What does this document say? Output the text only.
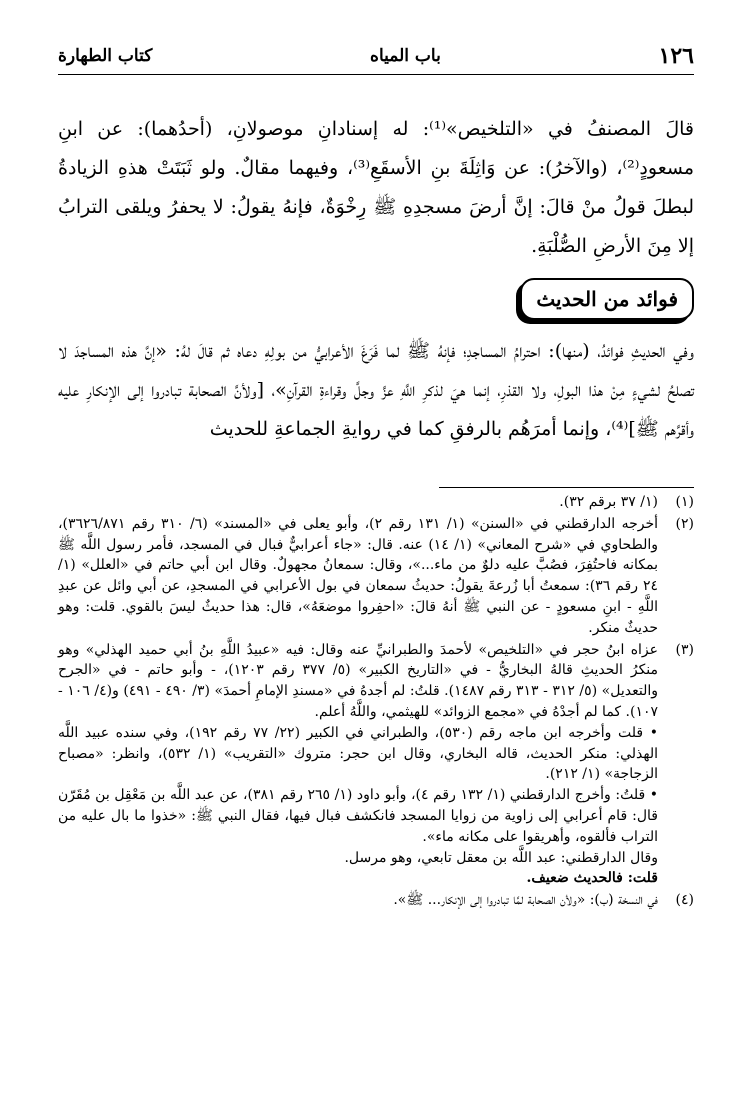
١٢٦
باب المياه
كتاب الطهارة

قالَ المصنفُ في «التلخيص»⁽¹⁾: له إسنادانِ موصولانِ، (أحدُهما): عن ابنِ مسعودٍ⁽²⁾، (والآخرُ): عن وَاثِلَةَ بنِ الأسقَعِ⁽³⁾، وفيهما مقالٌ. ولو ثَبَتَتْ هذهِ الزيادةُ لبطلَ قولُ منْ قالَ: إنَّ أرضَ مسجدِهِ ﷺ رِخْوَةٌ، فإنهُ يقولُ: لا يحفرُ ويلقى الترابُ إلا مِنَ الأرضِ الصُّلْبَةِ.

فوائد من الحديث

وفي الحديثِ فوائدُ، (منها): احترامُ المساجدِ؛ فإنهُ ﷺ لما فَرَغَ الأعرابيُّ من بولِهِ دعاه ثم قالَ لهُ: «إنَّ هذه المساجدَ لا تصلحُ لشيءٍ مِنْ هذا البولِ، ولا القذرِ، إنما هيَ لذكرِ اللَّهِ عزَّ وجلَّ وقراءةِ القرآنِ»، [ولأنَّ الصحابة تبادروا إلى الإنكارِ عليه وأقرَّهم ﷺ]⁽⁴⁾، وإنما أمرَهُم بالرفقِ كما في روايةِ الجماعةِ للحديث

(١)

(١/ ٣٧ برقم ٣٢).

(٢)

أخرجه الدارقطني في «السنن» (١/ ١٣١ رقم ٢)، وأبو يعلى في «المسند» (٦/ ٣١٠ رقم ٣٦٢٦/٨٧١)، والطحاوي في «شرح المعاني» (١/ ١٤) عنه. قال: «جاء أعرابيٌّ فبال في المسجد، فأمر رسول اللَّه ﷺ بمكانه فاحتُفِرَ، فصُبَّ عليه دلوٌ من ماء...»، وقال: سمعانُ مجهولٌ. وقال ابن أبي حاتم في «العلل» (١/ ٢٤ رقم ٣٦): سمعتُ أبا زُرعةَ يقولُ: حديثُ سمعان في بول الأعرابي في المسجدِ، عن أبي وائل عن عبدِ اللَّهِ - ابنِ مسعودٍ - عن النبي ﷺ أنهُ قالَ: «احفِروا موضعَهُ»، قال: هذا حديثٌ ليسَ بالقوي. قلت: وهو حديثٌ منكر.

(٣)

عزاه ابنُ حجر في «التلخيص» لأحمدَ والطبرانيِّ عنه وقال: فيه «عبيدُ اللَّهِ بنُ أبي حميد الهذلي» وهو منكرُ الحديثِ قالهُ البخاريُّ - في «التاريخ الكبير» (٥/ ٣٧٧ رقم ١٢٠٣)، - وأبو حاتم - في «الجرح والتعديل» (٥/ ٣١٢ - ٣١٣ رقم ١٤٨٧). قلتُ: لم أجدهُ في «مسندِ الإمامِ أحمدَ» (٣/ ٤٩٠ - ٤٩١) و(٤/ ١٠٦ - ١٠٧). كما لم أجدْهُ في «مجمع الزوائد» للهيثمي، واللَّهُ أعلم.

• قلت وأخرجه ابن ماجه رقم (٥٣٠)، والطبراني في الكبير (٢٢/ ٧٧ رقم ١٩٢)، وفي سنده عبيد اللَّه الهذلي: منكر الحديث، قاله البخاري، وقال ابن حجر: متروك «التقريب» (١/ ٥٣٢)، وانظر: «مصباح الزجاجة» (١/ ٢١٢).

• قلتُ: وأخرج الدارقطني (١/ ١٣٢ رقم ٤)، وأبو داود (١/ ٢٦٥ رقم ٣٨١)، عن عبد اللَّه بن مَعْقِل بن مُقَرّن قال: قام أعرابي إلى زاوية من زوايا المسجد فانكشف فبال فيها، فقال النبي ﷺ: «خذوا ما بال عليه من التراب فألقوه، وأهريقوا على مكانه ماء».

وقال الدارقطني: عبد اللَّه بن معقل تابعي، وهو مرسل.

قلت: فالحديث ضعيف.

(٤)

في النسخة (ب): «ولأن الصحابة لمَّا تبادروا إلى الإنكار... ﷺ».
